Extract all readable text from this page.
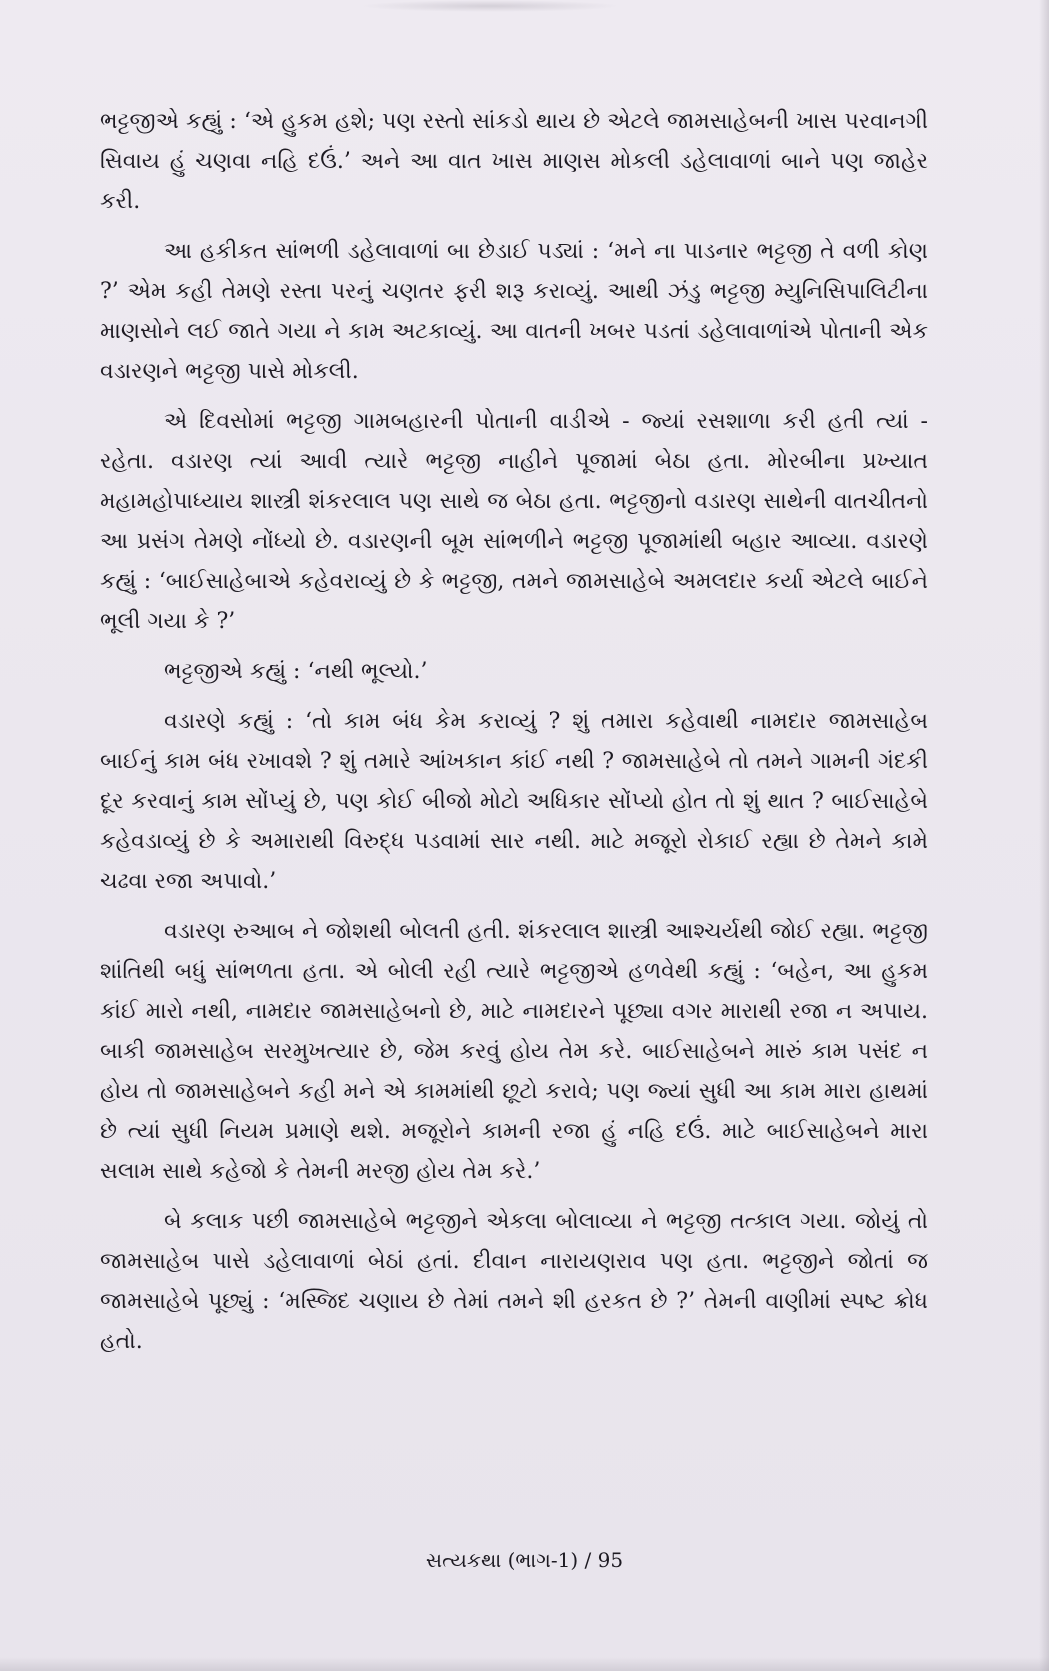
ભટ્ટજીએ કહ્યું : ‘એ હુકમ હશે; પણ રસ્તો સાંકડો થાય છે એટલે જામસાહેબની ખાસ પરવાનગી સિવાય હું ચણવા નહિ દઉં.’ અને આ વાત ખાસ માણસ મોકલી ડહેલાવાળાં બાને પણ જાહેર કરી.

આ હકીકત સાંભળી ડહેલાવાળાં બા છેડાઈ પડ્યાં : ‘મને ના પાડનાર ભટ્ટજી તે વળી કોણ ?’ એમ કહી તેમણે રસ્તા પરનું ચણતર ફરી શરૂ કરાવ્યું. આથી ઝંડુ ભટ્ટજી મ્યુનિસિપાલિટીના માણસોને લઈ જાતે ગયા ને કામ અટકાવ્યું. આ વાતની ખબર પડતાં ડહેલાવાળાંએ પોતાની એક વડારણને ભટ્ટજી પાસે મોકલી.

એ દિવસોમાં ભટ્ટજી ગામબહારની પોતાની વાડીએ - જ્યાં રસશાળા કરી હતી ત્યાં - રહેતા. વડારણ ત્યાં આવી ત્યારે ભટ્ટજી નાહીને પૂજામાં બેઠા હતા. મોરબીના પ્રખ્યાત મહામહોપાધ્યાય શાસ્ત્રી શંકરલાલ પણ સાથે જ બેઠા હતા. ભટ્ટજીનો વડારણ સાથેની વાતચીતનો આ પ્રસંગ તેમણે નોંધ્યો છે. વડારણની બૂમ સાંભળીને ભટ્ટજી પૂજામાંથી બહાર આવ્યા. વડારણે કહ્યું : ‘બાઈસાહેબાએ કહેવરાવ્યું છે કે ભટ્ટજી, તમને જામસાહેબે અમલદાર કર્યા એટલે બાઈને ભૂલી ગયા કે ?’

ભટ્ટજીએ કહ્યું : ‘નથી ભૂલ્યો.’

વડારણે કહ્યું : ‘તો કામ બંધ કેમ કરાવ્યું ? શું તમારા કહેવાથી નામદાર જામસાહેબ બાઈનું કામ બંધ રખાવશે ? શું તમારે આંખકાન કાંઈ નથી ? જામસાહેબે તો તમને ગામની ગંદકી દૂર કરવાનું કામ સોંપ્યું છે, પણ કોઈ બીજો મોટો અધિકાર સોંપ્યો હોત તો શું થાત ? બાઈસાહેબે કહેવડાવ્યું છે કે અમારાથી વિરુદ્ધ પડવામાં સાર નથી. માટે મજૂરો રોકાઈ રહ્યા છે તેમને કામે ચઢવા રજા અપાવો.’

વડારણ રુઆબ ને જોશથી બોલતી હતી. શંકરલાલ શાસ્ત્રી આશ્ચર્યથી જોઈ રહ્યા. ભટ્ટજી શાંતિથી બધું સાંભળતા હતા. એ બોલી રહી ત્યારે ભટ્ટજીએ હળવેથી કહ્યું : ‘બહેન, આ હુકમ કાંઈ મારો નથી, નામદાર જામસાહેબનો છે, માટે નામદારને પૂછ્યા વગર મારાથી રજા ન અપાય. બાકી જામસાહેબ સરમુખત્યાર છે, જેમ કરવું હોય તેમ કરે. બાઈસાહેબને મારું કામ પસંદ ન હોય તો જામસાહેબને કહી મને એ કામમાંથી છૂટો કરાવે; પણ જ્યાં સુધી આ કામ મારા હાથમાં છે ત્યાં સુધી નિયમ પ્રમાણે થશે. મજૂરોને કામની રજા હું નહિ દઉં. માટે બાઈસાહેબને મારા સલામ સાથે કહેજો કે તેમની મરજી હોય તેમ કરે.’

બે કલાક પછી જામસાહેબે ભટ્ટજીને એકલા બોલાવ્યા ને ભટ્ટજી તત્કાલ ગયા. જોયું તો જામસાહેબ પાસે ડહેલાવાળાં બેઠાં હતાં. દીવાન નારાયણરાવ પણ હતા. ભટ્ટજીને જોતાં જ જામસાહેબે પૂછ્યું : ‘મસ્જિદ ચણાય છે તેમાં તમને શી હરકત છે ?’ તેમની વાણીમાં સ્પષ્ટ ક્રોધ હતો.

સત્યકથા (ભાગ-1) / 95
